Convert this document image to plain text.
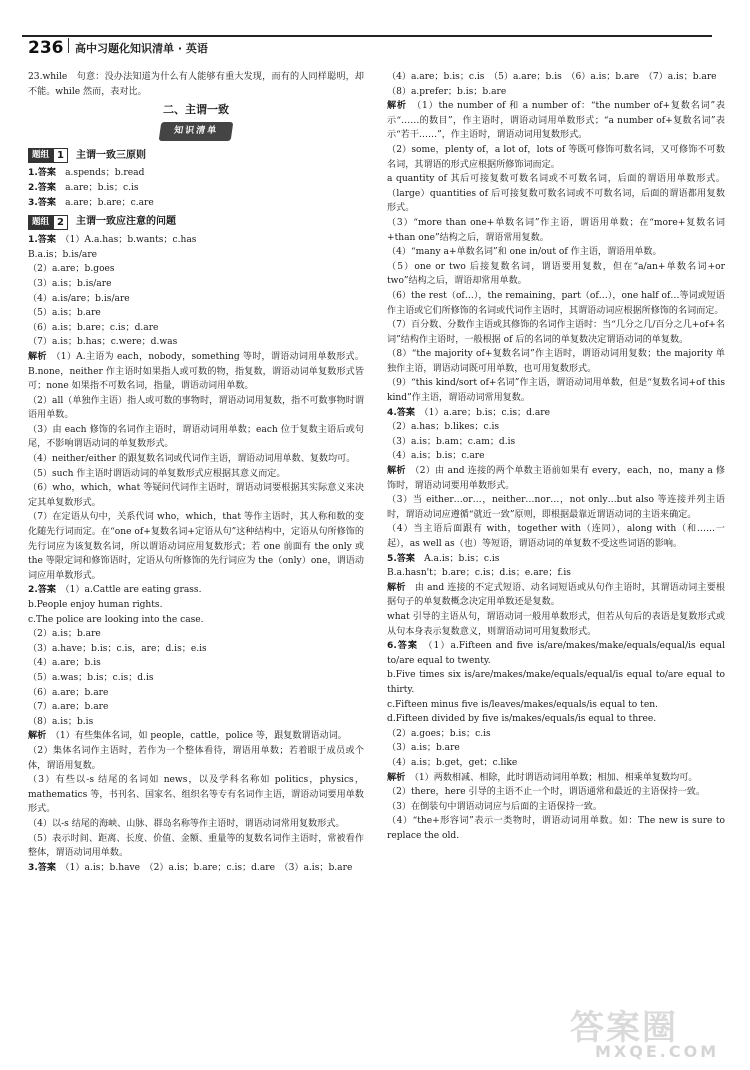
236 高中习题化知识清单 · 英语

23.while　句意：没办法知道为什么有人能够有重大发现，而有的人同样聪明，却不能。while 然而，表对比。

二、主谓一致
知识清单
题组 1	主谓一致三原则

1.答案　 a.spends；b.read

2.答案　 a.are；b.is；c.is

3.答案　 a.are；b.are；c.are

题组 2	主谓一致应注意的问题

1.答案　 （1）A.a.has；b.wants；c.has

B.a.is；b.is/are

（2）a.are；b.goes

（3）a.is；b.is/are

（4）a.is/are；b.is/are

（5）a.is；b.are

（6）a.is；b.are；c.is；d.are

（7）a.is；b.has；c.were；d.was

解析　 （1）A.主语为 each，nobody，something 等时，谓语动词用单数形式。B.none，neither 作主语时如果指人或可数的物，指复数，谓语动词单复数形式皆可；none 如果指不可数名词，指量，谓语动词用单数。

（2）all（单独作主语）指人或可数的事物时，谓语动词用复数，指不可数事物时谓语用单数。

（3）由 each 修饰的名词作主语时，谓语动词用单数；each 位于复数主语后或句尾，不影响谓语动词的单复数形式。

（4）neither/either 的跟复数名词或代词作主语，谓语动词用单数、复数均可。

（5）such 作主语时谓语动词的单复数形式应根据其意义而定。

（6）who，which，what 等疑问代词作主语时，谓语动词要根据其实际意义来决定其单复数形式。

（7）在定语从句中，关系代词 who，which，that 等作主语时，其人称和数的变化随先行词而定。在“one of+复数名词+定语从句”这种结构中，定语从句所修饰的先行词应为该复数名词，所以谓语动词应用复数形式；若 one 前面有 the only 或 the 等限定词和修饰语时，定语从句所修饰的先行词应为 the（only）one，谓语动词应用单数形式。

2.答案　 （1）a.Cattle are eating grass.

b.People enjoy human rights.

c.The police are looking into the case.

（2）a.is；b.are

（3）a.have；b.is；c.is，are；d.is；e.is

（4）a.are；b.is

（5）a.was；b.is；c.is；d.is

（6）a.are；b.are

（7）a.are；b.are

（8）a.is；b.is

解析　 （1）有些集体名词，如 people，cattle，police 等，跟复数谓语动词。

（2）集体名词作主语时，若作为一个整体看待，谓语用单数；若着眼于成员或个体，谓语用复数。

（3）有些以-s 结尾的名词如 news，以及学科名称如 politics，physics，mathematics 等，书刊名、国家名、组织名等专有名词作主语，谓语动词要用单数形式。

（4）以-s 结尾的海峡、山脉、群岛名称等作主语时，谓语动词常用复数形式。

（5）表示时间、距离、长度、价值、金额、重量等的复数名词作主语时，常被看作整体，谓语动词用单数。

3.答案　 （1）a.is；b.have　（2）a.is；b.are；c.is；d.are　（3）a.is；b.are

（4）a.are；b.is；c.is　（5）a.are；b.is　（6）a.is；b.are　（7）a.is；b.are

（8）a.prefer；b.is；b.are

解析　 （1）the number of 和 a number of：“the number of+复数名词”表示“……的数目”，作主语时，谓语动词用单数形式；“a number of+复数名词”表示“若干……”，作主语时，谓语动词用复数形式。

（2）some，plenty of，a lot of，lots of 等既可修饰可数名词，又可修饰不可数名词，其谓语的形式应根据所修饰词而定。

a quantity of 其后可接复数可数名词或不可数名词，后面的谓语用单数形式。（large）quantities of 后可接复数可数名词或不可数名词，后面的谓语都用复数形式。

（3）“more than one+单数名词”作主语，谓语用单数；在“more+复数名词+than one”结构之后，谓语常用复数。

（4）“many a+单数名词”和 one in/out of 作主语，谓语用单数。

（5）one or two 后接复数名词，谓语要用复数，但在“a/an+单数名词+or two”结构之后，谓语却常用单数。

（6）the rest（of…），the remaining，part（of…），one half of…等词或短语作主语或它们所修饰的名词或代词作主语时，其谓语动词应根据所修饰的名词而定。

（7）百分数、分数作主语或其修饰的名词作主语时：当“几分之几/百分之几+of+名词”结构作主语时，一般根据 of 后的名词的单复数决定谓语动词的单复数。

（8）“the majority of+复数名词”作主语时，谓语动词用复数；the majority 单独作主语，谓语动词既可用单数，也可用复数形式。

（9）“this kind/sort of+名词”作主语，谓语动词用单数，但是“复数名词+of this kind”作主语，谓语动词常用复数。

4.答案　 （1）a.are；b.is；c.is；d.are

（2）a.has；b.likes；c.is

（3）a.is；b.am；c.am；d.is

（4）a.is；b.is；c.are

解析　 （2）由 and 连接的两个单数主语前如果有 every，each，no，many a 修饰时，谓语动词要用单数形式。

（3）当 either…or…，neither…nor…，not only…but also 等连接并列主语时，谓语动词应遵循“就近一致”原则，即根据最靠近谓语动词的主语来确定。

（4）当主语后面跟有 with，together with（连同），along with（和……一起），as well as（也）等短语，谓语动词的单复数不受这些词语的影响。

5.答案　 A.a.is；b.is；c.is

B.a.hasn't；b.are；c.is；d.is；e.are；f.is

解析　 由 and 连接的不定式短语、动名词短语或从句作主语时，其谓语动词主要根据句子的单复数概念决定用单数还是复数。

what 引导的主语从句，谓语动词一般用单数形式，但若从句后的表语是复数形式或从句本身表示复数意义，则谓语动词可用复数形式。

6.答案　 （1）a.Fifteen and five is/are/makes/make/equals/equal/is equal to/are equal to twenty.

b.Five times six is/are/makes/make/equals/equal/is equal to/are equal to thirty.

c.Fifteen minus five is/leaves/makes/equals/is equal to ten.

d.Fifteen divided by five is/makes/equals/is equal to three.

（2）a.goes；b.is；c.is

（3）a.is；b.are

（4）a.is；b.get，get；c.like

解析　 （1）两数相减、相除，此时谓语动词用单数；相加、相乘单复数均可。

（2）there，here 引导的主语不止一个时，谓语通常和最近的主语保持一致。

（3）在倒装句中谓语动词应与后面的主语保持一致。

（4）“the+形容词”表示一类物时，谓语动词用单数。如：The new is sure to replace the old.

答案圈
MXQE.COM
